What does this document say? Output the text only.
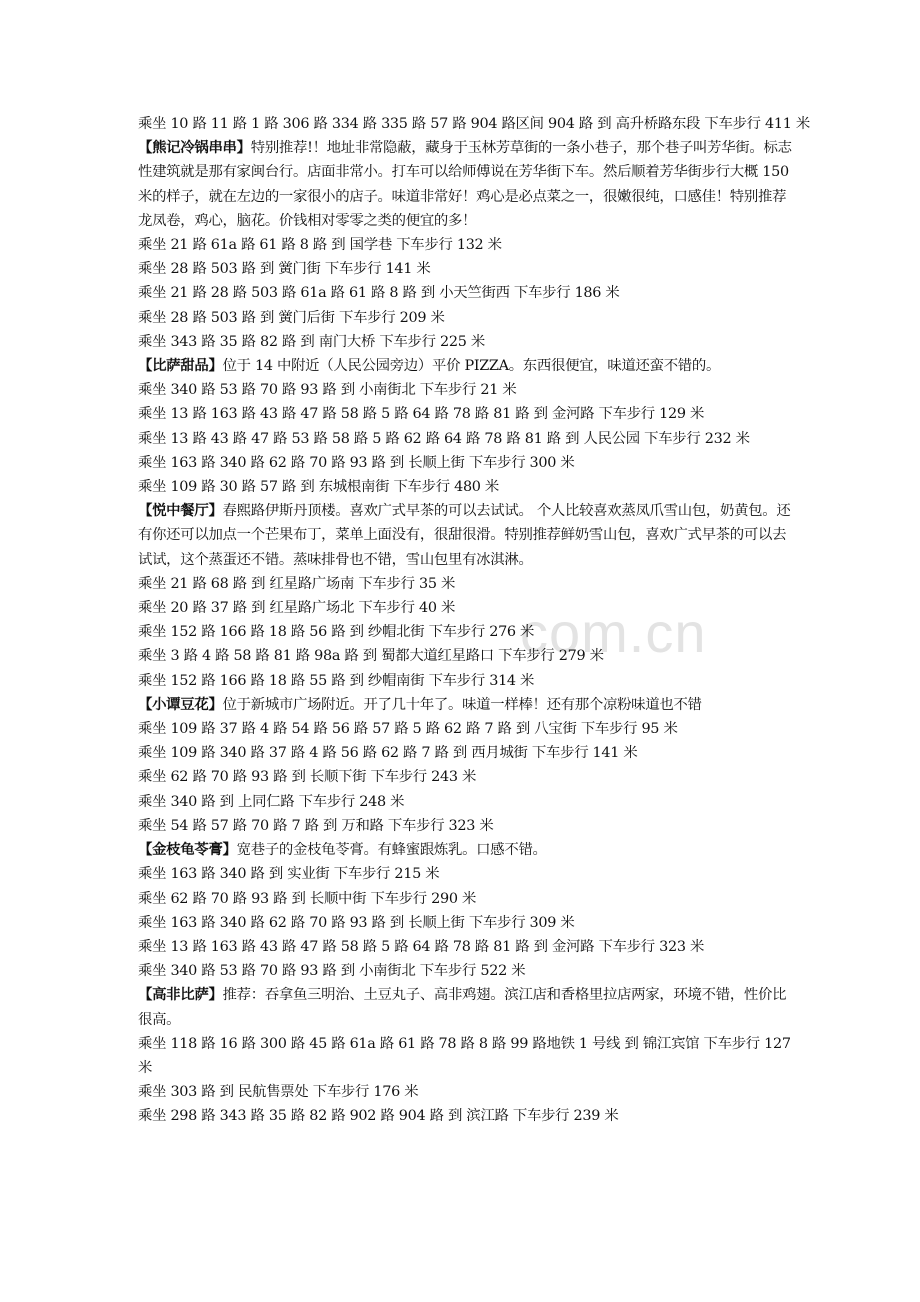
com.cn
乘坐 10 路 11 路 1 路 306 路 334 路 335 路 57 路 904 路区间 904 路 到 高升桥路东段 下车步行 411 米
【熊记冷锅串串】特别推荐!！地址非常隐蔽，藏身于玉林芳草街的一条小巷子，那个巷子叫芳华街。标志性建筑就是那有家闽台行。店面非常小。打车可以给师傅说在芳华街下车。然后顺着芳华街步行大概 150 米的样子，就在左边的一家很小的店子。味道非常好！鸡心是必点菜之一，很嫩很纯，口感佳！特别推荐龙凤卷，鸡心，脑花。价钱相对零零之类的便宜的多！
乘坐 21 路 61a 路 61 路 8 路 到 国学巷 下车步行 132 米
乘坐 28 路 503 路 到 黉门街 下车步行 141 米
乘坐 21 路 28 路 503 路 61a 路 61 路 8 路 到 小天竺街西 下车步行 186 米
乘坐 28 路 503 路 到 黉门后街 下车步行 209 米
乘坐 343 路 35 路 82 路 到 南门大桥 下车步行 225 米
【比萨甜品】位于 14 中附近（人民公园旁边）平价 PIZZA。东西很便宜，味道还蛮不错的。
乘坐 340 路 53 路 70 路 93 路 到 小南街北 下车步行 21 米
乘坐 13 路 163 路 43 路 47 路 58 路 5 路 64 路 78 路 81 路 到 金河路 下车步行 129 米
乘坐 13 路 43 路 47 路 53 路 58 路 5 路 62 路 64 路 78 路 81 路 到 人民公园 下车步行 232 米
乘坐 163 路 340 路 62 路 70 路 93 路 到 长顺上街 下车步行 300 米
乘坐 109 路 30 路 57 路 到 东城根南街 下车步行 480 米
【悦中餐厅】春熙路伊斯丹顶楼。喜欢广式早茶的可以去试试。 个人比较喜欢蒸凤爪雪山包，奶黄包。还有你还可以加点一个芒果布丁，菜单上面没有，很甜很滑。特别推荐鲜奶雪山包，喜欢广式早茶的可以去试试，这个蒸蛋还不错。蒸味排骨也不错，雪山包里有冰淇淋。
乘坐 21 路 68 路 到 红星路广场南 下车步行 35 米
乘坐 20 路 37 路 到 红星路广场北 下车步行 40 米
乘坐 152 路 166 路 18 路 56 路 到 纱帽北街 下车步行 276 米
乘坐 3 路 4 路 58 路 81 路 98a 路 到 蜀都大道红星路口 下车步行 279 米
乘坐 152 路 166 路 18 路 55 路 到 纱帽南街 下车步行 314 米
【小谭豆花】位于新城市广场附近。开了几十年了。味道一样棒！还有那个凉粉味道也不错
乘坐 109 路 37 路 4 路 54 路 56 路 57 路 5 路 62 路 7 路 到 八宝街 下车步行 95 米
乘坐 109 路 340 路 37 路 4 路 56 路 62 路 7 路 到 西月城街 下车步行 141 米
乘坐 62 路 70 路 93 路 到 长顺下街 下车步行 243 米
乘坐 340 路 到 上同仁路 下车步行 248 米
乘坐 54 路 57 路 70 路 7 路 到 万和路 下车步行 323 米
【金枝龟苓膏】宽巷子的金枝龟苓膏。有蜂蜜跟炼乳。口感不错。
乘坐 163 路 340 路 到 实业街 下车步行 215 米
乘坐 62 路 70 路 93 路 到 长顺中街 下车步行 290 米
乘坐 163 路 340 路 62 路 70 路 93 路 到 长顺上街 下车步行 309 米
乘坐 13 路 163 路 43 路 47 路 58 路 5 路 64 路 78 路 81 路 到 金河路 下车步行 323 米
乘坐 340 路 53 路 70 路 93 路 到 小南街北 下车步行 522 米
【高非比萨】推荐：吞拿鱼三明治、土豆丸子、高非鸡翅。滨江店和香格里拉店两家，环境不错，性价比很高。
乘坐 118 路 16 路 300 路 45 路 61a 路 61 路 78 路 8 路 99 路地铁 1 号线 到 锦江宾馆 下车步行 127 米
乘坐 303 路 到 民航售票处 下车步行 176 米
乘坐 298 路 343 路 35 路 82 路 902 路 904 路 到 滨江路 下车步行 239 米
